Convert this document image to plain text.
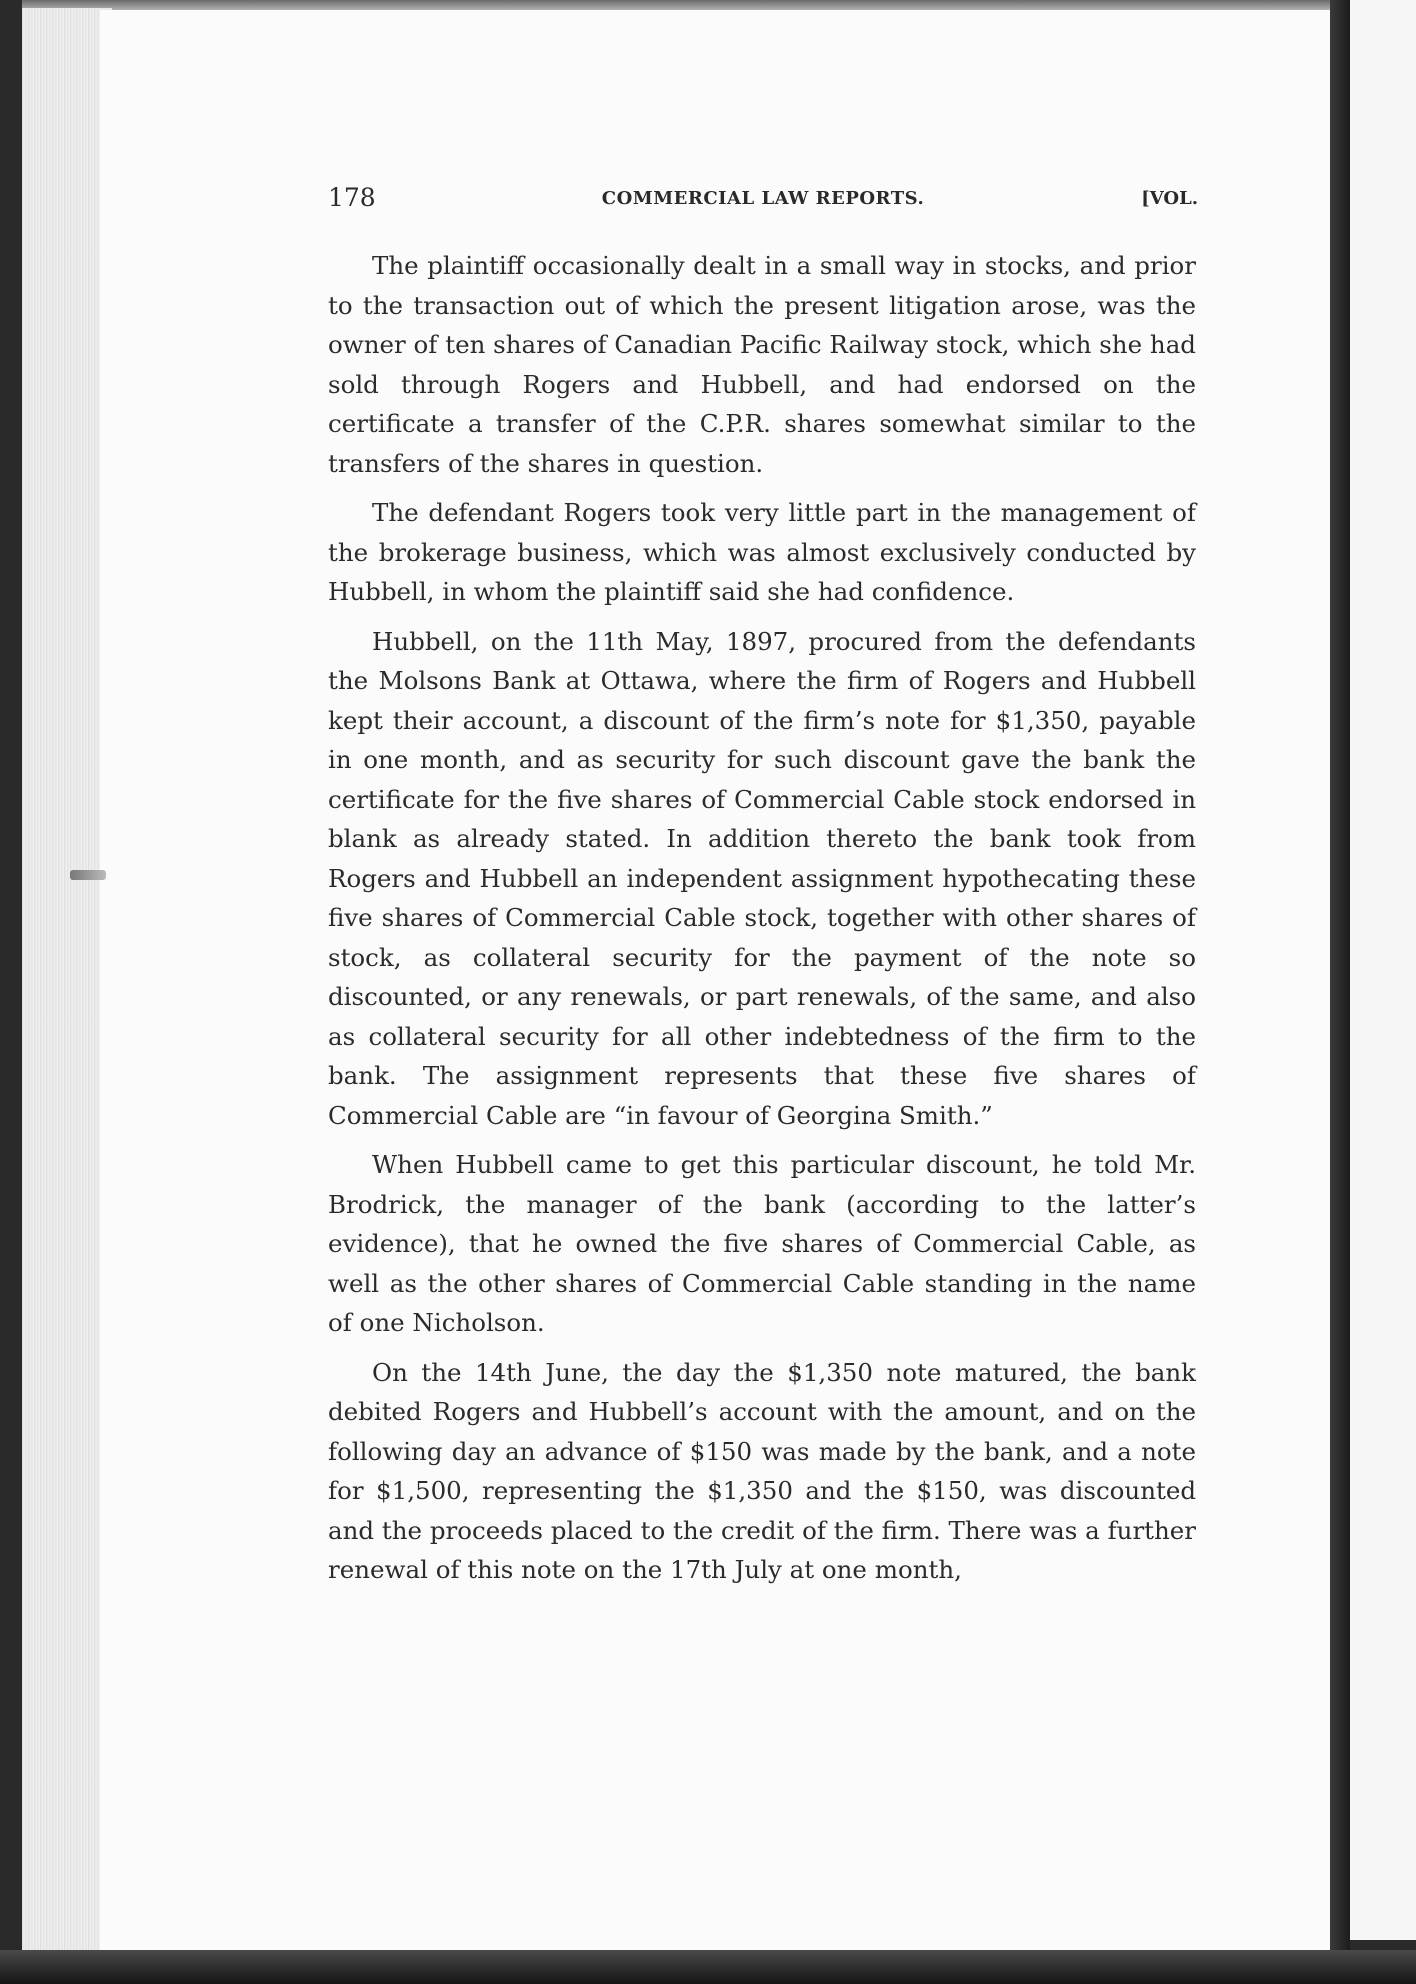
178	COMMERCIAL LAW REPORTS.	[VOL.

The plaintiff occasionally dealt in a small way in stocks, and prior to the transaction out of which the present litigation arose, was the owner of ten shares of Canadian Pacific Railway stock, which she had sold through Rogers and Hubbell, and had endorsed on the certificate a transfer of the C.P.R. shares somewhat similar to the transfers of the shares in question.

The defendant Rogers took very little part in the management of the brokerage business, which was almost exclusively conducted by Hubbell, in whom the plaintiff said she had confidence.

Hubbell, on the 11th May, 1897, procured from the defendants the Molsons Bank at Ottawa, where the firm of Rogers and Hubbell kept their account, a discount of the firm’s note for $1,350, payable in one month, and as security for such discount gave the bank the certificate for the five shares of Commercial Cable stock endorsed in blank as already stated. In addition thereto the bank took from Rogers and Hubbell an independent assignment hypothecating these five shares of Commercial Cable stock, together with other shares of stock, as collateral security for the payment of the note so discounted, or any renewals, or part renewals, of the same, and also as collateral security for all other indebtedness of the firm to the bank. The assignment represents that these five shares of Commercial Cable are “in favour of Georgina Smith.”

When Hubbell came to get this particular discount, he told Mr. Brodrick, the manager of the bank (according to the latter’s evidence), that he owned the five shares of Commercial Cable, as well as the other shares of Commercial Cable standing in the name of one Nicholson.

On the 14th June, the day the $1,350 note matured, the bank debited Rogers and Hubbell’s account with the amount, and on the following day an advance of $150 was made by the bank, and a note for $1,500, representing the $1,350 and the $150, was discounted and the proceeds placed to the credit of the firm. There was a further renewal of this note on the 17th July at one month,
